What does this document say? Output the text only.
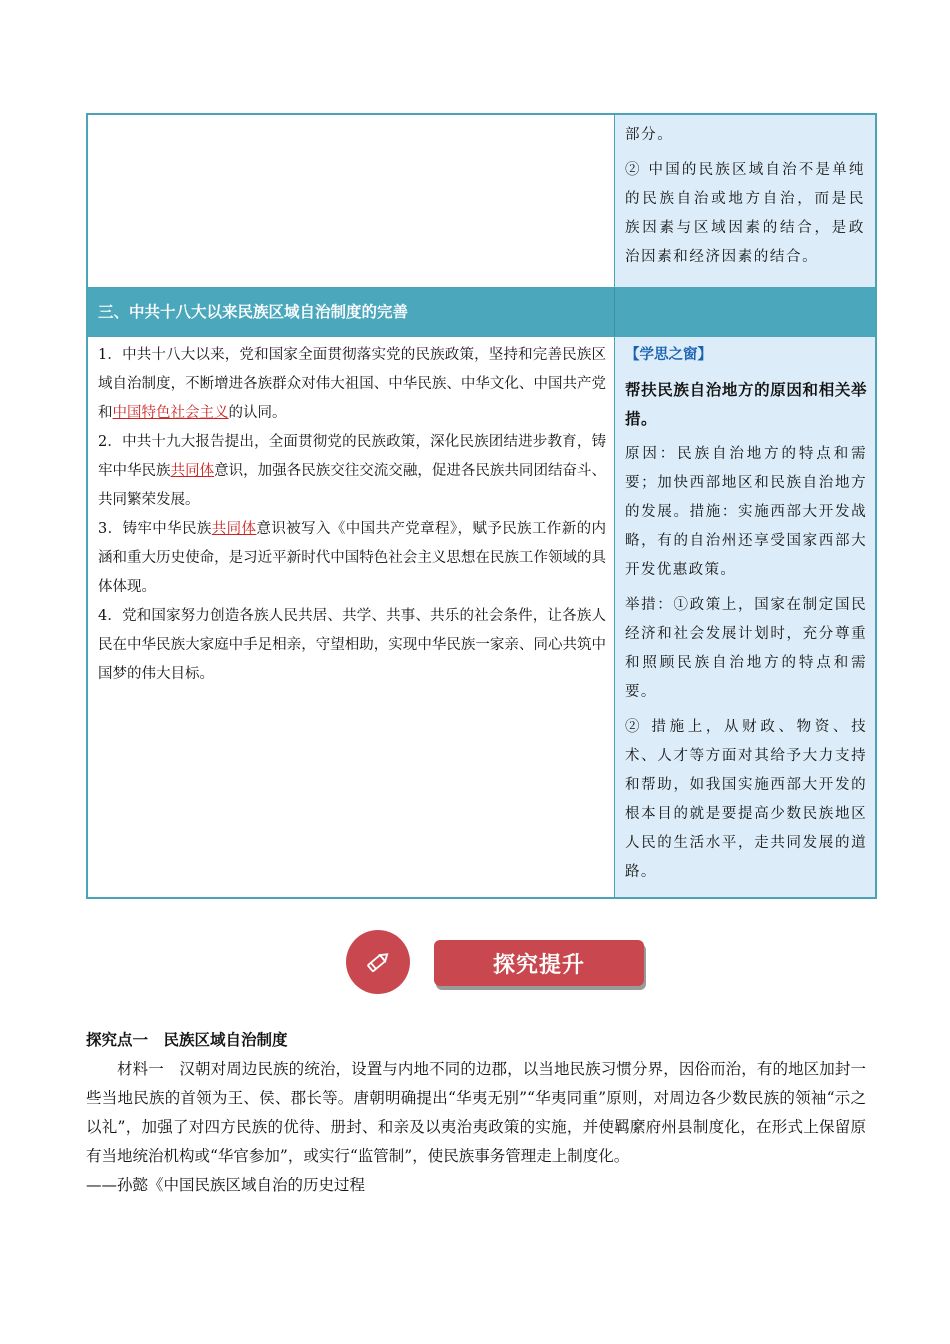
部分。

② 中国的民族区域自治不是单纯的民族自治或地方自治，而是民族因素与区域因素的结合，是政治因素和经济因素的结合。

三、中共十八大以来民族区域自治制度的完善

1．中共十八大以来，党和国家全面贯彻落实党的民族政策，坚持和完善民族区域自治制度，不断增进各族群众对伟大祖国、中华民族、中华文化、中国共产党和中国特色社会主义的认同。

2．中共十九大报告提出，全面贯彻党的民族政策，深化民族团结进步教育，铸牢中华民族共同体意识，加强各民族交往交流交融，促进各民族共同团结奋斗、共同繁荣发展。

3．铸牢中华民族共同体意识被写入《中国共产党章程》，赋予民族工作新的内涵和重大历史使命，是习近平新时代中国特色社会主义思想在民族工作领域的具体体现。

4．党和国家努力创造各族人民共居、共学、共事、共乐的社会条件，让各族人民在中华民族大家庭中手足相亲，守望相助，实现中华民族一家亲、同心共筑中国梦的伟大目标。

【学思之窗】

帮扶民族自治地方的原因和相关举措。

原因：民族自治地方的特点和需要；加快西部地区和民族自治地方的发展。措施：实施西部大开发战略，有的自治州还享受国家西部大开发优惠政策。

举措：①政策上，国家在制定国民经济和社会发展计划时，充分尊重和照顾民族自治地方的特点和需要。

② 措施上，从财政、物资、技术、人才等方面对其给予大力支持和帮助，如我国实施西部大开发的根本目的就是要提高少数民族地区人民的生活水平，走共同发展的道路。

探究提升

探究点一　民族区域自治制度

材料一　汉朝对周边民族的统治，设置与内地不同的边郡，以当地民族习惯分界，因俗而治，有的地区加封一些当地民族的首领为王、侯、郡长等。唐朝明确提出“华夷无别”“华夷同重”原则，对周边各少数民族的领袖“示之以礼”，加强了对四方民族的优待、册封、和亲及以夷治夷政策的实施，并使羁縻府州县制度化，在形式上保留原有当地统治机构或“华官参加”，或实行“监管制”，使民族事务管理走上制度化。

——孙懿《中国民族区域自治的历史过程
